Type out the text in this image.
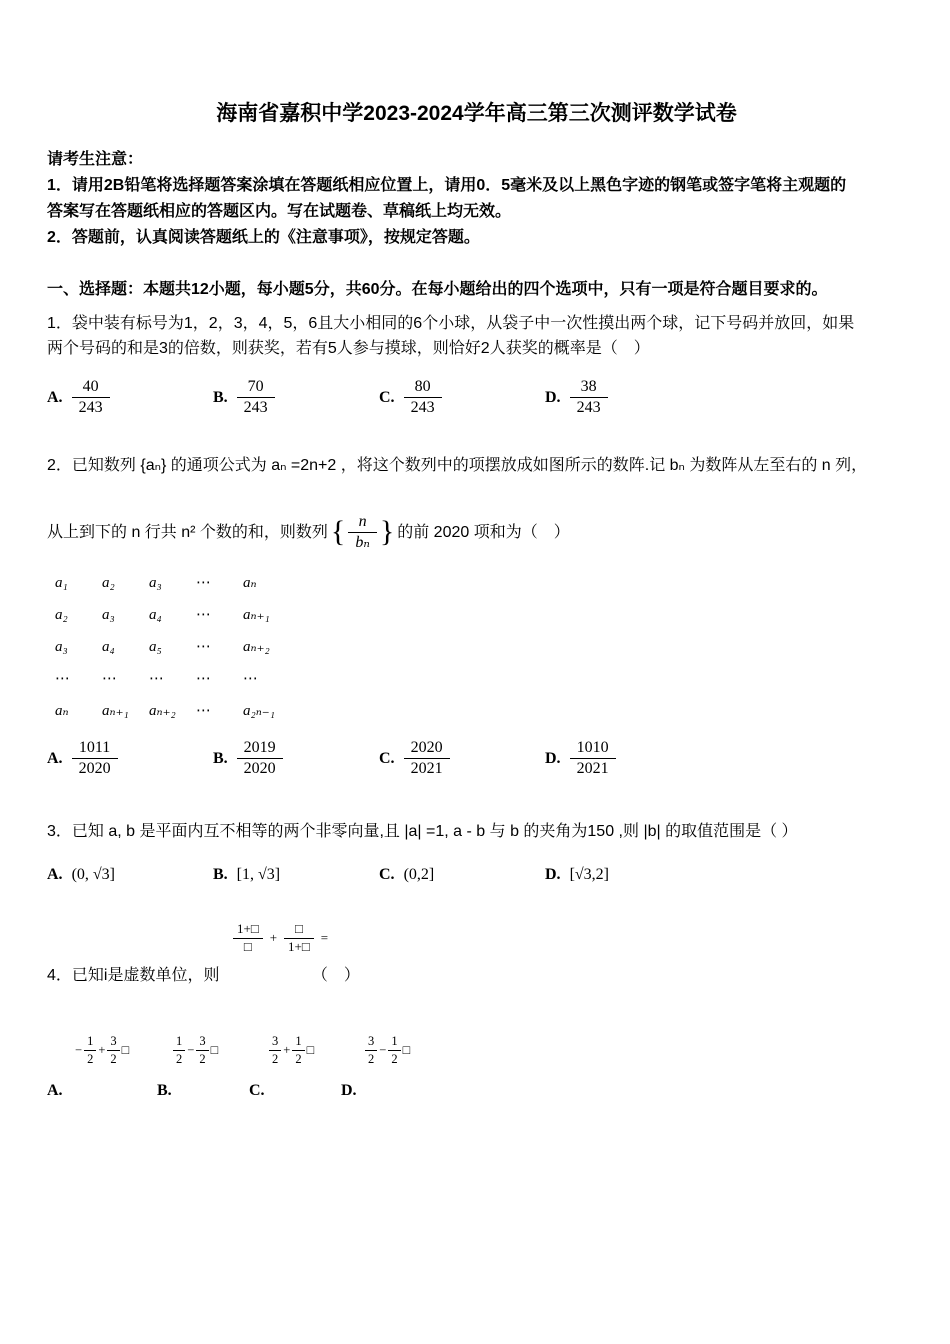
海南省嘉积中学2023-2024学年高三第三次测评数学试卷

请考生注意：

1．请用2B铅笔将选择题答案涂填在答题纸相应位置上，请用0．5毫米及以上黑色字迹的钢笔或签字笔将主观题的

答案写在答题纸相应的答题区内。写在试题卷、草稿纸上均无效。

2．答题前，认真阅读答题纸上的《注意事项》，按规定答题。

一、选择题：本题共12小题，每小题5分，共60分。在每小题给出的四个选项中，只有一项是符合题目要求的。

1．袋中装有标号为1，2，3，4，5，6且大小相同的6个小球，从袋子中一次性摸出两个球，记下号码并放回，如果

两个号码的和是3的倍数，则获奖，若有5人参与摸球，则恰好2人获奖的概率是（　）

A. $\frac{40}{243}$	B. $\frac{70}{243}$	C. $\frac{80}{243}$	D. $\frac{38}{243}$

2．已知数列 {aₙ} 的通项公式为 aₙ =2n+2 ，将这个数列中的项摆放成如图所示的数阵.记 bₙ 为数阵从左至右的 n 列，

从上到下的 n 行共 n² 个数的和，则数列 { $\frac{n}{\text{bₙ}}$ } 的前 2020 项和为（　）

a₁	a₂	a₃	⋯	aₙ
a₂	a₃	a₄	⋯	aₙ₊₁
a₃	a₄	a₅	⋯	aₙ₊₂
⋯	⋯	⋯	⋯	⋯
aₙ	aₙ₊₁	aₙ₊₂	⋯	a₂ₙ₋₁
A. $\frac{1011}{2020}$	B. $\frac{2019}{2020}$	C. $\frac{2020}{2021}$	D. $\frac{1010}{2021}$

3．已知 a, b 是平面内互不相等的两个非零向量,且 |a| =1, a - b 与 b 的夹角为150 ,则 |b| 的取值范围是（ ）

A. (0, √3]	B. [1, √3]	C. (0,2]	D. [√3,2]
$\frac{1+□}{□} + \frac{□}{1+□}$ =

4．已知i是虚数单位，则	（　）

− $\frac{1}{2} + \frac{3}{2}$ □	$\frac{1}{2} - \frac{3}{2}$ □	$\frac{3}{2} + \frac{1}{2}$ □	$\frac{3}{2} - \frac{1}{2}$ □
A.	B.	C.	D.
